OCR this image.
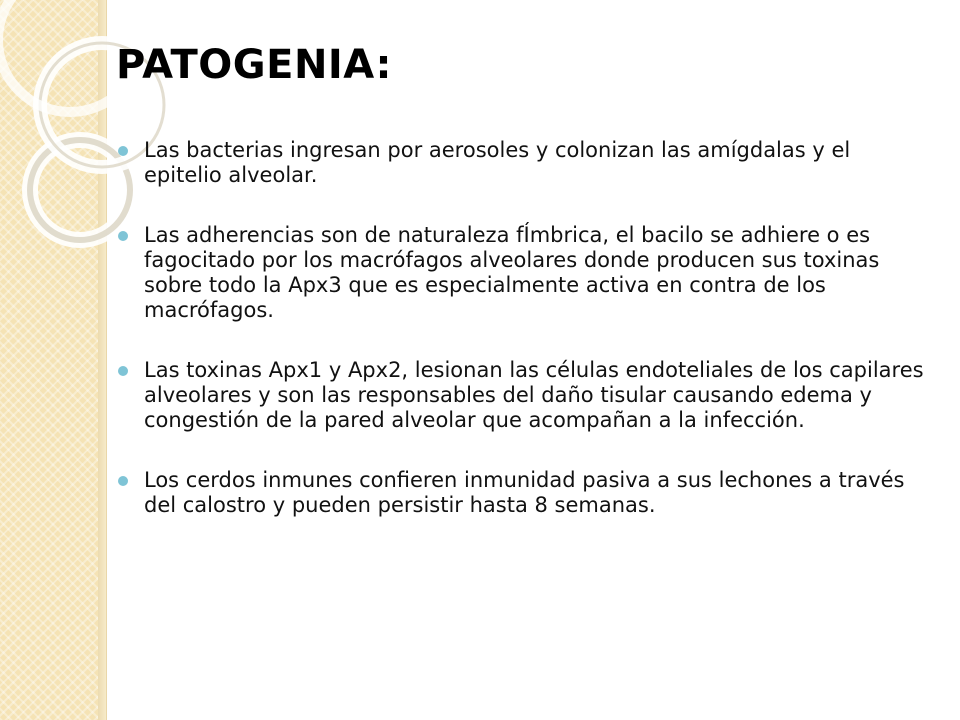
PATOGENIA:
Las bacterias ingresan por aerosoles y colonizan las amígdalas y el epitelio alveolar.
Las adherencias son de naturaleza fÍmbrica, el bacilo se adhiere o es fagocitado por los macrófagos alveolares donde producen sus toxinas sobre todo la Apx3 que es especialmente activa en contra de los macrófagos.
Las toxinas Apx1 y Apx2, lesionan las células endoteliales de los capilares alveolares y son las responsables del daño tisular causando edema y congestión de la pared alveolar que acompañan a la infección.
Los cerdos inmunes confieren inmunidad pasiva a sus lechones a través del calostro y pueden persistir hasta 8 semanas.
